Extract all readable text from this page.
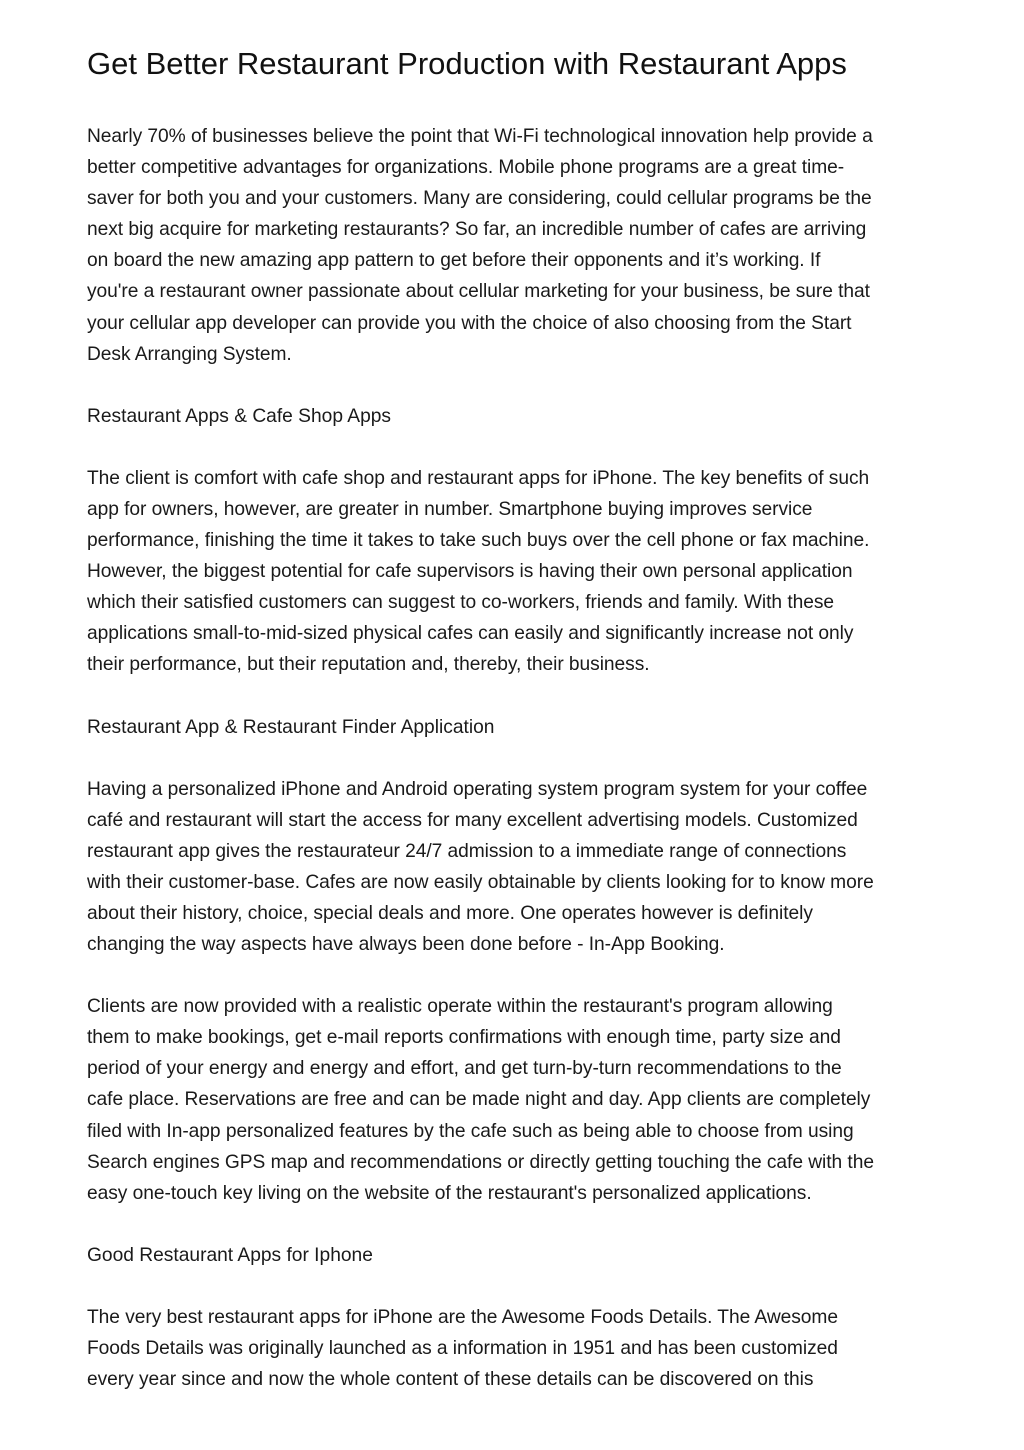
Get Better Restaurant Production with Restaurant Apps

Nearly 70% of businesses believe the point that Wi-Fi technological innovation help provide a
better competitive advantages for organizations. Mobile phone programs are a great time-
saver for both you and your customers. Many are considering, could cellular programs be the
next big acquire for marketing restaurants? So far, an incredible number of cafes are arriving
on board the new amazing app pattern to get before their opponents and it’s working. If
you're a restaurant owner passionate about cellular marketing for your business, be sure that
your cellular app developer can provide you with the choice of also choosing from the Start
Desk Arranging System.

Restaurant Apps & Cafe Shop Apps

The client is comfort with cafe shop and restaurant apps for iPhone. The key benefits of such
app for owners, however, are greater in number. Smartphone buying improves service
performance, finishing the time it takes to take such buys over the cell phone or fax machine.
However, the biggest potential for cafe supervisors is having their own personal application
which their satisfied customers can suggest to co-workers, friends and family. With these
applications small-to-mid-sized physical cafes can easily and significantly increase not only
their performance, but their reputation and, thereby, their business.

Restaurant App & Restaurant Finder Application

Having a personalized iPhone and Android operating system program system for your coffee
café and restaurant will start the access for many excellent advertising models. Customized
restaurant app gives the restaurateur 24/7 admission to a immediate range of connections
with their customer-base. Cafes are now easily obtainable by clients looking for to know more
about their history, choice, special deals and more. One operates however is definitely
changing the way aspects have always been done before - In-App Booking.

Clients are now provided with a realistic operate within the restaurant's program allowing
them to make bookings, get e-mail reports confirmations with enough time, party size and
period of your energy and energy and effort, and get turn-by-turn recommendations to the
cafe place. Reservations are free and can be made night and day. App clients are completely
filed with In-app personalized features by the cafe such as being able to choose from using
Search engines GPS map and recommendations or directly getting touching the cafe with the
easy one-touch key living on the website of the restaurant's personalized applications.

Good Restaurant Apps for Iphone

The very best restaurant apps for iPhone are the Awesome Foods Details. The Awesome
Foods Details was originally launched as a information in 1951 and has been customized
every year since and now the whole content of these details can be discovered on this
